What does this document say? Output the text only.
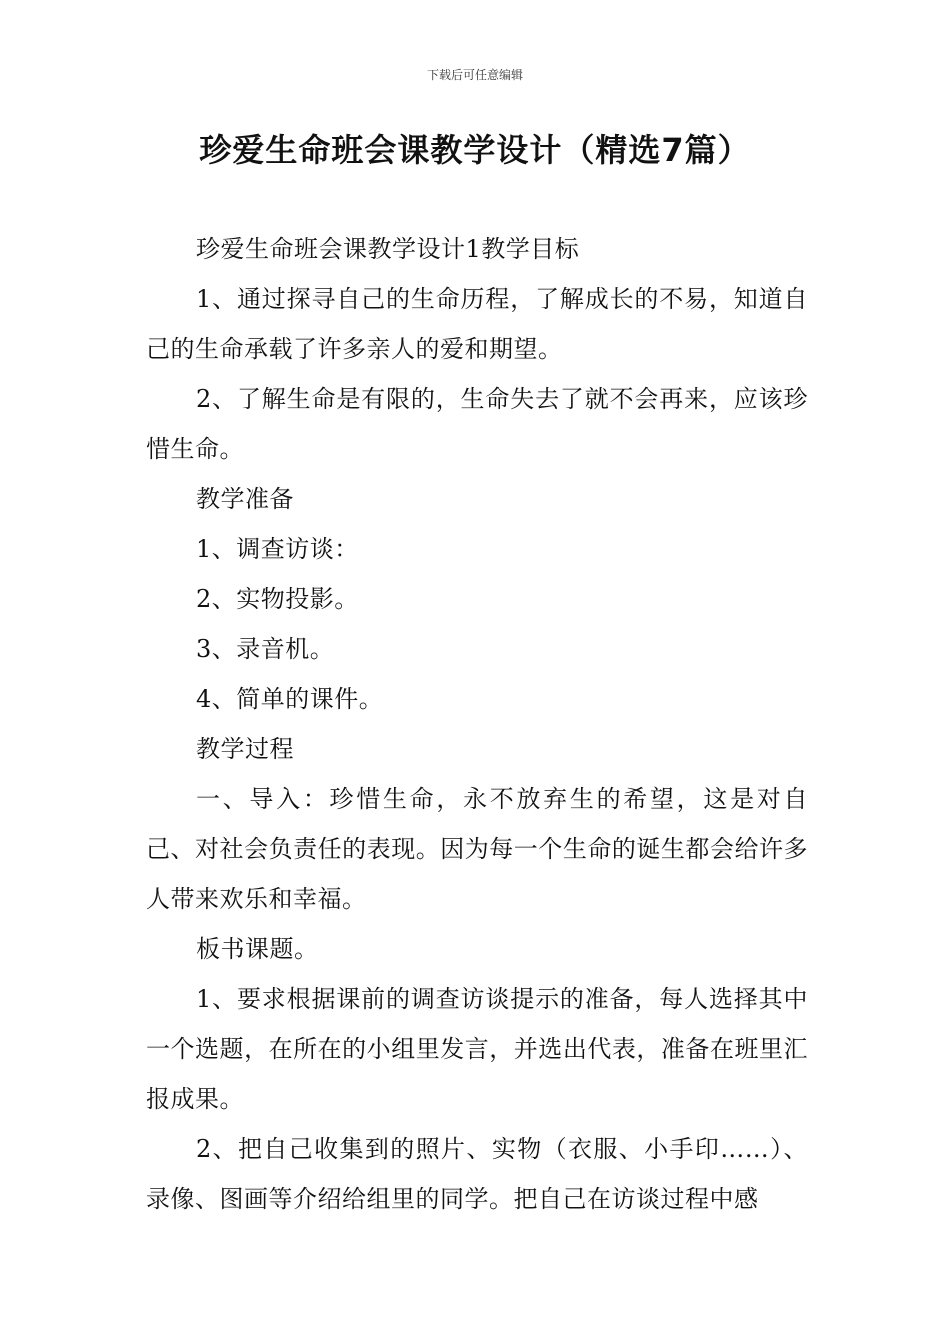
下载后可任意编辑
珍爱生命班会课教学设计（精选7篇）

珍爱生命班会课教学设计1教学目标

1、通过探寻自己的生命历程，了解成长的不易，知道自己的生命承载了许多亲人的爱和期望。

2、了解生命是有限的，生命失去了就不会再来，应该珍惜生命。

教学准备

1、调查访谈：

2、实物投影。

3、录音机。

4、简单的课件。

教学过程

一、导入：珍惜生命，永不放弃生的希望，这是对自己、对社会负责任的表现。因为每一个生命的诞生都会给许多人带来欢乐和幸福。

板书课题。

1、要求根据课前的调查访谈提示的准备，每人选择其中一个选题，在所在的小组里发言，并选出代表，准备在班里汇报成果。

2、把自己收集到的照片、实物（衣服、小手印……）、录像、图画等介绍给组里的同学。把自己在访谈过程中感
